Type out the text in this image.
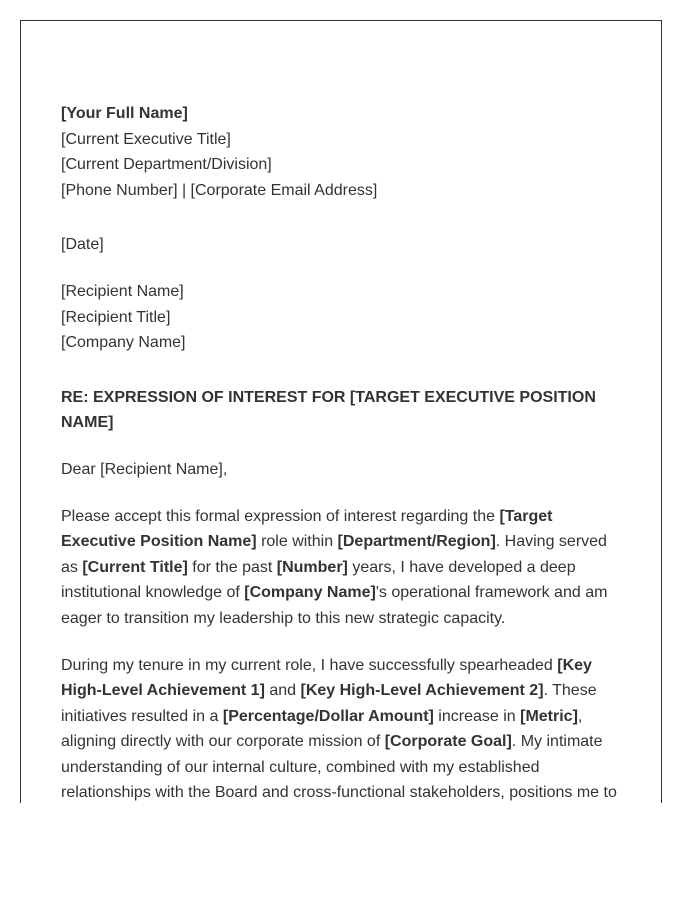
[Your Full Name]
[Current Executive Title]
[Current Department/Division]
[Phone Number] | [Corporate Email Address]
[Date]
[Recipient Name]
[Recipient Title]
[Company Name]
RE: EXPRESSION OF INTEREST FOR [TARGET EXECUTIVE POSITION
NAME]
Dear [Recipient Name],

Please accept this formal expression of interest regarding the [Target
Executive Position Name] role within [Department/Region]. Having served
as [Current Title] for the past [Number] years, I have developed a deep
institutional knowledge of [Company Name]'s operational framework and am
eager to transition my leadership to this new strategic capacity.

During my tenure in my current role, I have successfully spearheaded [Key
High-Level Achievement 1] and [Key High-Level Achievement 2]. These
initiatives resulted in a [Percentage/Dollar Amount] increase in [Metric],
aligning directly with our corporate mission of [Corporate Goal]. My intimate
understanding of our internal culture, combined with my established
relationships with the Board and cross-functional stakeholders, positions me to
